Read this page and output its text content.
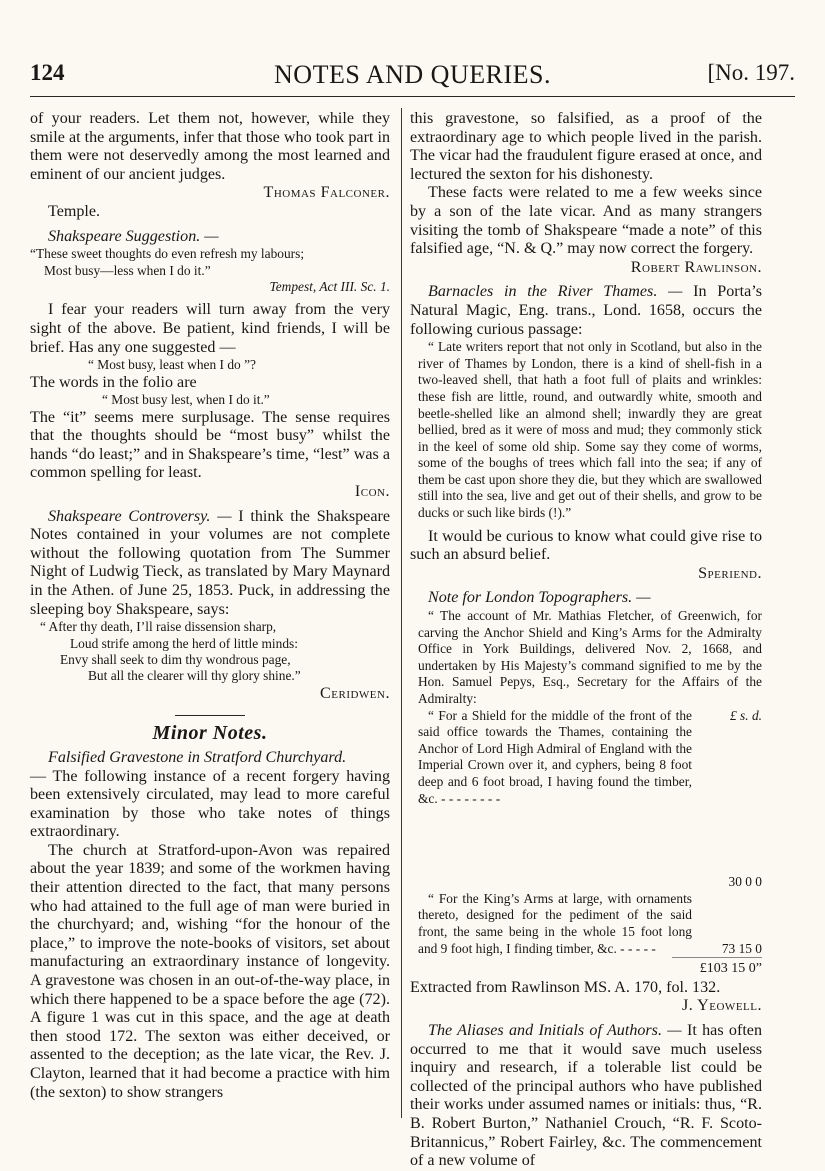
124	NOTES AND QUERIES.	[No. 197.

of your readers. Let them not, however, while they smile at the arguments, infer that those who took part in them were not deservedly among the most learned and eminent of our ancient judges.

Thomas Falconer.

Temple.

Shakspeare Suggestion. —

“These sweet thoughts do even refresh my labours;

Most busy—less when I do it.”

Tempest, Act III. Sc. 1.

I fear your readers will turn away from the very sight of the above. Be patient, kind friends, I will be brief. Has any one suggested —

“ Most busy, least when I do ”?

The words in the folio are

“ Most busy lest, when I do it.”

The “it” seems mere surplusage. The sense requires that the thoughts should be “most busy” whilst the hands “do least;” and in Shakspeare’s time, “lest” was a common spelling for least.

Icon.

Shakspeare Controversy. — I think the Shakspeare Notes contained in your volumes are not complete without the following quotation from The Summer Night of Ludwig Tieck, as translated by Mary Maynard in the Athen. of June 25, 1853. Puck, in addressing the sleeping boy Shakspeare, says:

“ After thy death, I’ll raise dissension sharp,

Loud strife among the herd of little minds:

Envy shall seek to dim thy wondrous page,

But all the clearer will thy glory shine.”

Ceridwen.

Minor Notes.

Falsified Gravestone in Stratford Churchyard.

— The following instance of a recent forgery having been extensively circulated, may lead to more careful examination by those who take notes of things extraordinary.

The church at Stratford-upon-Avon was repaired about the year 1839; and some of the workmen having their attention directed to the fact, that many persons who had attained to the full age of man were buried in the churchyard; and, wishing “for the honour of the place,” to improve the note-books of visitors, set about manufacturing an extraordinary instance of longevity. A gravestone was chosen in an out-of-the-way place, in which there happened to be a space before the age (72). A figure 1 was cut in this space, and the age at death then stood 172. The sexton was either deceived, or assented to the deception; as the late vicar, the Rev. J. Clayton, learned that it had become a practice with him (the sexton) to show strangers

this gravestone, so falsified, as a proof of the extraordinary age to which people lived in the parish. The vicar had the fraudulent figure erased at once, and lectured the sexton for his dishonesty.

These facts were related to me a few weeks since by a son of the late vicar. And as many strangers visiting the tomb of Shakspeare “made a note” of this falsified age, “N. & Q.” may now correct the forgery.

Robert Rawlinson.

Barnacles in the River Thames. — In Porta’s Natural Magic, Eng. trans., Lond. 1658, occurs the following curious passage:

“ Late writers report that not only in Scotland, but also in the river of Thames by London, there is a kind of shell-fish in a two-leaved shell, that hath a foot full of plaits and wrinkles: these fish are little, round, and outwardly white, smooth and beetle-shelled like an almond shell; inwardly they are great bellied, bred as it were of moss and mud; they commonly stick in the keel of some old ship. Some say they come of worms, some of the boughs of trees which fall into the sea; if any of them be cast upon shore they die, but they which are swallowed still into the sea, live and get out of their shells, and grow to be ducks or such like birds (!).”

It would be curious to know what could give rise to such an absurd belief.

Speriend.

Note for London Topographers. —

“ The account of Mr. Mathias Fletcher, of Greenwich, for carving the Anchor Shield and King’s Arms for the Admiralty Office in York Buildings, delivered Nov. 2, 1668, and undertaken by His Majesty’s command signified to me by the Hon. Samuel Pepys, Esq., Secretary for the Affairs of the Admiralty:

“ For a Shield for the middle of the front of the said office towards the Thames, containing the Anchor of Lord High Admiral of England with the Imperial Crown over it, and cyphers, being 8 foot deep and 6 foot broad, I having found the timber, &c. - - - - - - - -
£ s. d.
30 0 0
“ For the King’s Arms at large, with ornaments thereto, designed for the pediment of the said front, the same being in the whole 15 foot long and 9 foot high, I finding timber, &c. - - - - -	73 15 0

£103 15 0”

Extracted from Rawlinson MS. A. 170, fol. 132.

J. Yeowell.

The Aliases and Initials of Authors. — It has often occurred to me that it would save much useless inquiry and research, if a tolerable list could be collected of the principal authors who have published their works under assumed names or initials: thus, “R. B. Robert Burton,” Nathaniel Crouch, “R. F. Scoto-Britannicus,” Robert Fairley, &c. The commencement of a new volume of
